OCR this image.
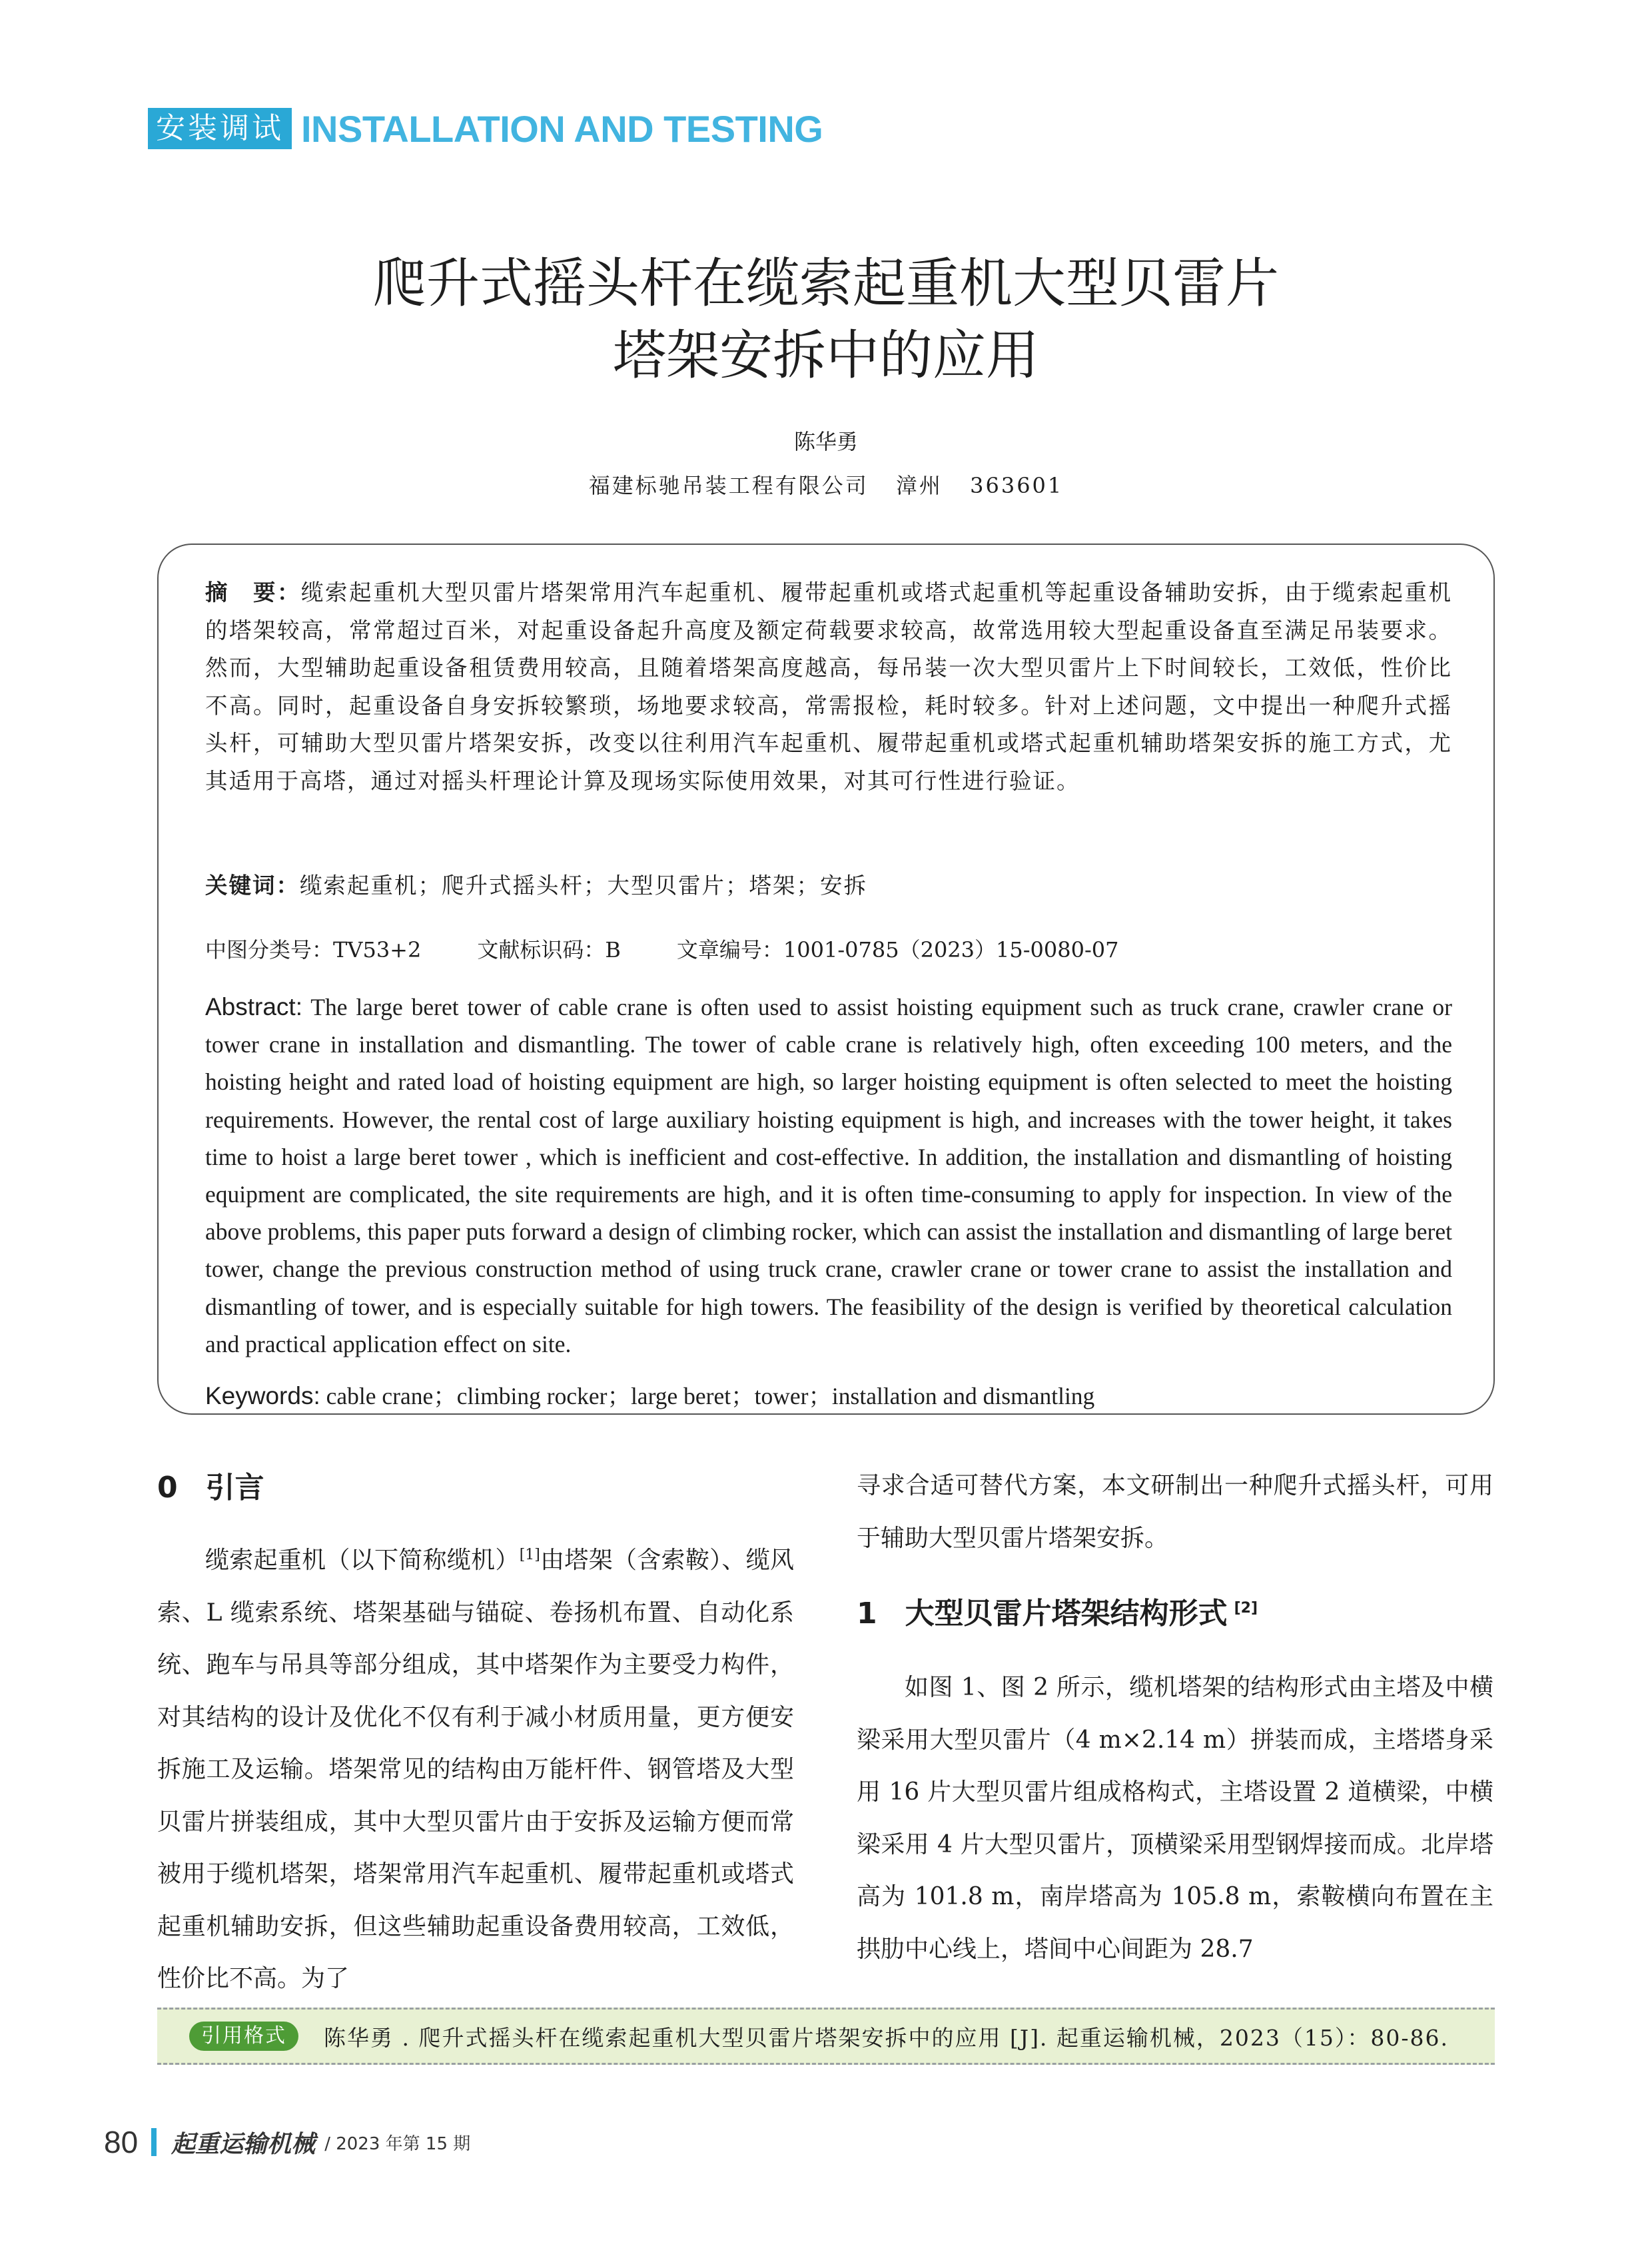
安装调试 INSTALLATION AND TESTING
爬升式摇头杆在缆索起重机大型贝雷片
塔架安拆中的应用
陈华勇
福建标驰吊装工程有限公司 漳州 363601

摘　要：缆索起重机大型贝雷片塔架常用汽车起重机、履带起重机或塔式起重机等起重设备辅助安拆，由于缆索起重机的塔架较高，常常超过百米，对起重设备起升高度及额定荷载要求较高，故常选用较大型起重设备直至满足吊装要求。然而，大型辅助起重设备租赁费用较高，且随着塔架高度越高，每吊装一次大型贝雷片上下时间较长，工效低，性价比不高。同时，起重设备自身安拆较繁琐，场地要求较高，常需报检，耗时较多。针对上述问题，文中提出一种爬升式摇头杆，可辅助大型贝雷片塔架安拆，改变以往利用汽车起重机、履带起重机或塔式起重机辅助塔架安拆的施工方式，尤其适用于高塔，通过对摇头杆理论计算及现场实际使用效果，对其可行性进行验证。

关键词：缆索起重机；爬升式摇头杆；大型贝雷片；塔架；安拆

中图分类号：TV53+2	文献标识码：B	文章编号：1001-0785（2023）15-0080-07

Abstract: The large beret tower of cable crane is often used to assist hoisting equipment such as truck crane, crawler crane or tower crane in installation and dismantling. The tower of cable crane is relatively high, often exceeding 100 meters, and the hoisting height and rated load of hoisting equipment are high, so larger hoisting equipment is often selected to meet the hoisting requirements. However, the rental cost of large auxiliary hoisting equipment is high, and increases with the tower height, it takes time to hoist a large beret tower , which is inefficient and cost-effective. In addition, the installation and dismantling of hoisting equipment are complicated, the site requirements are high, and it is often time-consuming to apply for inspection. In view of the above problems, this paper puts forward a design of climbing rocker, which can assist the installation and dismantling of large beret tower, change the previous construction method of using truck crane, crawler crane or tower crane to assist the installation and dismantling of tower, and is especially suitable for high towers. The feasibility of the design is verified by theoretical calculation and practical application effect on site.

Keywords: cable crane；climbing rocker；large beret；tower；installation and dismantling

0 引言

缆索起重机（以下简称缆机）[1]由塔架（含索鞍）、缆风索、L 缆索系统、塔架基础与锚碇、卷扬机布置、自动化系统、跑车与吊具等部分组成，其中塔架作为主要受力构件，对其结构的设计及优化不仅有利于减小材质用量，更方便安拆施工及运输。塔架常见的结构由万能杆件、钢管塔及大型贝雷片拼装组成，其中大型贝雷片由于安拆及运输方便而常被用于缆机塔架，塔架常用汽车起重机、履带起重机或塔式起重机辅助安拆，但这些辅助起重设备费用较高，工效低，性价比不高。为了

寻求合适可替代方案，本文研制出一种爬升式摇头杆，可用于辅助大型贝雷片塔架安拆。

1 大型贝雷片塔架结构形式 [2]

如图 1、图 2 所示，缆机塔架的结构形式由主塔及中横梁采用大型贝雷片（4 m×2.14 m）拼装而成，主塔塔身采用 16 片大型贝雷片组成格构式，主塔设置 2 道横梁，中横梁采用 4 片大型贝雷片，顶横梁采用型钢焊接而成。北岸塔高为 101.8 m，南岸塔高为 105.8 m，索鞍横向布置在主拱肋中心线上，塔间中心间距为 28.7

引用格式	陈华勇 . 爬升式摇头杆在缆索起重机大型贝雷片塔架安拆中的应用 [J]. 起重运输机械，2023（15）：80-86.
80 起重运输机械 / 2023 年第 15 期
